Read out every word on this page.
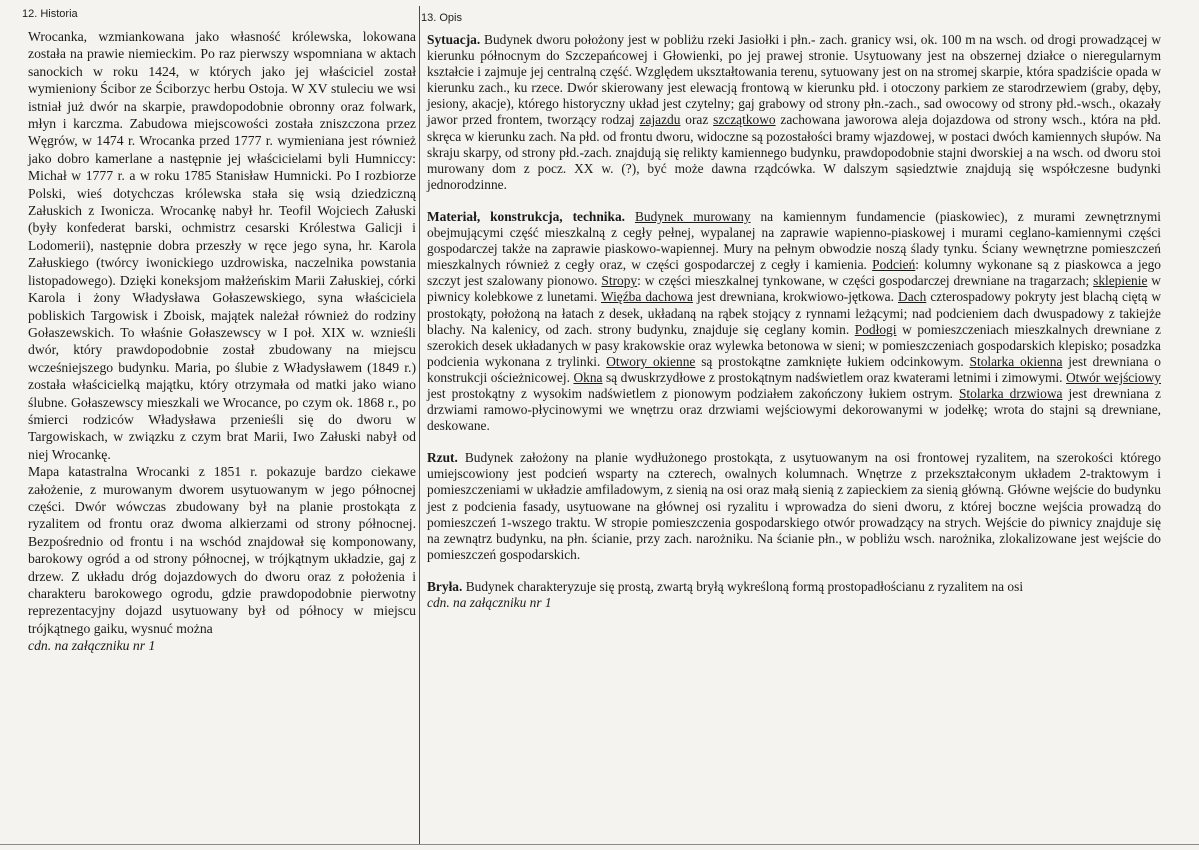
12. Historia

Wrocanka, wzmiankowana jako własność królewska, lokowana została na prawie niemieckim. Po raz pierwszy wspomniana w aktach sanockich w roku 1424, w których jako jej właściciel został wymieniony Ścibor ze Ściborzyc herbu Ostoja. W XV stuleciu we wsi istniał już dwór na skarpie, prawdopodobnie obronny oraz folwark, młyn i karczma. Zabudowa miejscowości została zniszczona przez Węgrów, w 1474 r. Wrocanka przed 1777 r. wymieniana jest również jako dobro kamerlane a następnie jej właścicielami byli Humniccy: Michał w 1777 r. a w roku 1785 Stanisław Humnicki. Po I rozbiorze Polski, wieś dotychczas królewska stała się wsią dziedziczną Załuskich z Iwonicza. Wrocankę nabył hr. Teofil Wojciech Załuski (były konfederat barski, ochmistrz cesarski Królestwa Galicji i Lodomerii), następnie dobra przeszły w ręce jego syna, hr. Karola Załuskiego (twórcy iwonickiego uzdrowiska, naczelnika powstania listopadowego). Dzięki koneksjom małżeńskim Marii Załuskiej, córki Karola i żony Władysława Gołaszewskiego, syna właściciela pobliskich Targowisk i Zboisk, majątek należał również do rodziny Gołaszewskich. To właśnie Gołaszewscy w I poł. XIX w. wznieśli dwór, który prawdopodobnie został zbudowany na miejscu wcześniejszego budynku. Maria, po ślubie z Władysławem (1849 r.) została właścicielką majątku, który otrzymała od matki jako wiano ślubne. Gołaszewscy mieszkali we Wrocance, po czym ok. 1868 r., po śmierci rodziców Władysława przenieśli się do dworu w Targowiskach, w związku z czym brat Marii, Iwo Załuski nabył od niej Wrocankę.

Mapa katastralna Wrocanki z 1851 r. pokazuje bardzo ciekawe założenie, z murowanym dworem usytuowanym w jego północnej części. Dwór wówczas zbudowany był na planie prostokąta z ryzalitem od frontu oraz dwoma alkierzami od strony północnej. Bezpośrednio od frontu i na wschód znajdował się komponowany, barokowy ogród a od strony północnej, w trójkątnym układzie, gaj z drzew. Z układu dróg dojazdowych do dworu oraz z położenia i charakteru barokowego ogrodu, gdzie prawdopodobnie pierwotny reprezentacyjny dojazd usytuowany był od północy w miejscu trójkątnego gaiku, wysnuć można

cdn. na załączniku nr 1

13. Opis

Sytuacja. Budynek dworu położony jest w pobliżu rzeki Jasiołki i płn.- zach. granicy wsi, ok. 100 m na wsch. od drogi prowadzącej w kierunku północnym do Szczepańcowej i Głowienki, po jej prawej stronie. Usytuowany jest na obszernej działce o nieregularnym kształcie i zajmuje jej centralną część. Względem ukształtowania terenu, sytuowany jest on na stromej skarpie, która spadziście opada w kierunku zach., ku rzece. Dwór skierowany jest elewacją frontową w kierunku płd. i otoczony parkiem ze starodrzewiem (graby, dęby, jesiony, akacje), którego historyczny układ jest czytelny; gaj grabowy od strony płn.-zach., sad owocowy od strony płd.-wsch., okazały jawor przed frontem, tworzący rodzaj zajazdu oraz szczątkowo zachowana jaworowa aleja dojazdowa od strony wsch., która na płd. skręca w kierunku zach. Na płd. od frontu dworu, widoczne są pozostałości bramy wjazdowej, w postaci dwóch kamiennych słupów. Na skraju skarpy, od strony płd.-zach. znajdują się relikty kamiennego budynku, prawdopodobnie stajni dworskiej a na wsch. od dworu stoi murowany dom z pocz. XX w. (?), być może dawna rządcówka. W dalszym sąsiedztwie znajdują się współczesne budynki jednorodzinne.

Materiał, konstrukcja, technika. Budynek murowany na kamiennym fundamencie (piaskowiec), z murami zewnętrznymi obejmującymi część mieszkalną z cegły pełnej, wypalanej na zaprawie wapienno-piaskowej i murami ceglano-kamiennymi części gospodarczej także na zaprawie piaskowo-wapiennej. Mury na pełnym obwodzie noszą ślady tynku. Ściany wewnętrzne pomieszczeń mieszkalnych również z cegły oraz, w części gospodarczej z cegły i kamienia. Podcień: kolumny wykonane są z piaskowca a jego szczyt jest szalowany pionowo. Stropy: w części mieszkalnej tynkowane, w części gospodarczej drewniane na tragarzach; sklepienie w piwnicy kolebkowe z lunetami. Więźba dachowa jest drewniana, krokwiowo-jętkowa. Dach czterospadowy pokryty jest blachą ciętą w prostokąty, położoną na łatach z desek, układaną na rąbek stojący z rynnami leżącymi; nad podcieniem dach dwuspadowy z takiejże blachy. Na kalenicy, od zach. strony budynku, znajduje się ceglany komin. Podłogi w pomieszczeniach mieszkalnych drewniane z szerokich desek układanych w pasy krakowskie oraz wylewka betonowa w sieni; w pomieszczeniach gospodarskich klepisko; posadzka podcienia wykonana z trylinki. Otwory okienne są prostokątne zamknięte łukiem odcinkowym. Stolarka okienna jest drewniana o konstrukcji ościeżnicowej. Okna są dwuskrzydłowe z prostokątnym nadświetlem oraz kwaterami letnimi i zimowymi. Otwór wejściowy jest prostokątny z wysokim nadświetlem z pionowym podziałem zakończony łukiem ostrym. Stolarka drzwiowa jest drewniana z drzwiami ramowo-płycinowymi we wnętrzu oraz drzwiami wejściowymi dekorowanymi w jodełkę; wrota do stajni są drewniane, deskowane.

Rzut. Budynek założony na planie wydłużonego prostokąta, z usytuowanym na osi frontowej ryzalitem, na szerokości którego umiejscowiony jest podcień wsparty na czterech, owalnych kolumnach. Wnętrze z przekształconym układem 2-traktowym i pomieszczeniami w układzie amfiladowym, z sienią na osi oraz małą sienią z zapieckiem za sienią główną. Główne wejście do budynku jest z podcienia fasady, usytuowane na głównej osi ryzalitu i wprowadza do sieni dworu, z której boczne wejścia prowadzą do pomieszczeń 1-wszego traktu. W stropie pomieszczenia gospodarskiego otwór prowadzący na strych. Wejście do piwnicy znajduje się na zewnątrz budynku, na płn. ścianie, przy zach. narożniku. Na ścianie płn., w pobliżu wsch. narożnika, zlokalizowane jest wejście do pomieszczeń gospodarskich.

Bryła. Budynek charakteryzuje się prostą, zwartą bryłą wykreśloną formą prostopadłościanu z ryzalitem na osi

cdn. na załączniku nr 1
